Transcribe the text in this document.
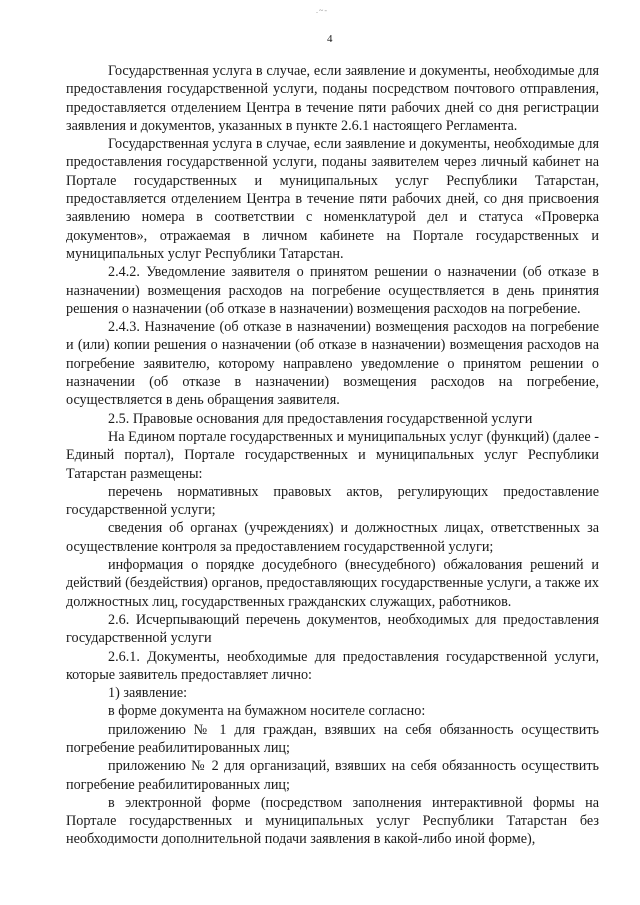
.~-

4

Государственная услуга в случае, если заявление и документы, необходимые для предоставления государственной услуги, поданы посредством почтового отправления, предоставляется отделением Центра в течение пяти рабочих дней со дня регистрации заявления и документов, указанных в пункте 2.6.1 настоящего Регламента.

Государственная услуга в случае, если заявление и документы, необходимые для предоставления государственной услуги, поданы заявителем через личный кабинет на Портале государственных и муниципальных услуг Республики Татарстан, предоставляется отделением Центра в течение пяти рабочих дней, со дня присвоения заявлению номера в соответствии с номенклатурой дел и статуса «Проверка документов», отражаемая в личном кабинете на Портале государственных и муниципальных услуг Республики Татарстан.

2.4.2. Уведомление заявителя о принятом решении о назначении (об отказе в назначении) возмещения расходов на погребение осуществляется в день принятия решения о назначении (об отказе в назначении) возмещения расходов на погребение.

2.4.3. Назначение (об отказе в назначении) возмещения расходов на погребение и (или) копии решения о назначении (об отказе в назначении) возмещения расходов на погребение заявителю, которому направлено уведомление о принятом решении о назначении (об отказе в назначении) возмещения расходов на погребение, осуществляется в день обращения заявителя.

2.5. Правовые основания для предоставления государственной услуги

На Едином портале государственных и муниципальных услуг (функций) (далее - Единый портал), Портале государственных и муниципальных услуг Республики Татарстан размещены:

перечень нормативных правовых актов, регулирующих предоставление государственной услуги;

сведения об органах (учреждениях) и должностных лицах, ответственных за осуществление контроля за предоставлением государственной услуги;

информация о порядке досудебного (внесудебного) обжалования решений и действий (бездействия) органов, предоставляющих государственные услуги, а также их должностных лиц, государственных гражданских служащих, работников.

2.6. Исчерпывающий перечень документов, необходимых для предоставления государственной услуги

2.6.1. Документы, необходимые для предоставления государственной услуги, которые заявитель предоставляет лично:

1) заявление:

в форме документа на бумажном носителе согласно:

приложению № 1 для граждан, взявших на себя обязанность осуществить погребение реабилитированных лиц;

приложению № 2 для организаций, взявших на себя обязанность осуществить погребение реабилитированных лиц;

в электронной форме (посредством заполнения интерактивной формы на Портале государственных и муниципальных услуг Республики Татарстан без необходимости дополнительной подачи заявления в какой-либо иной форме),
